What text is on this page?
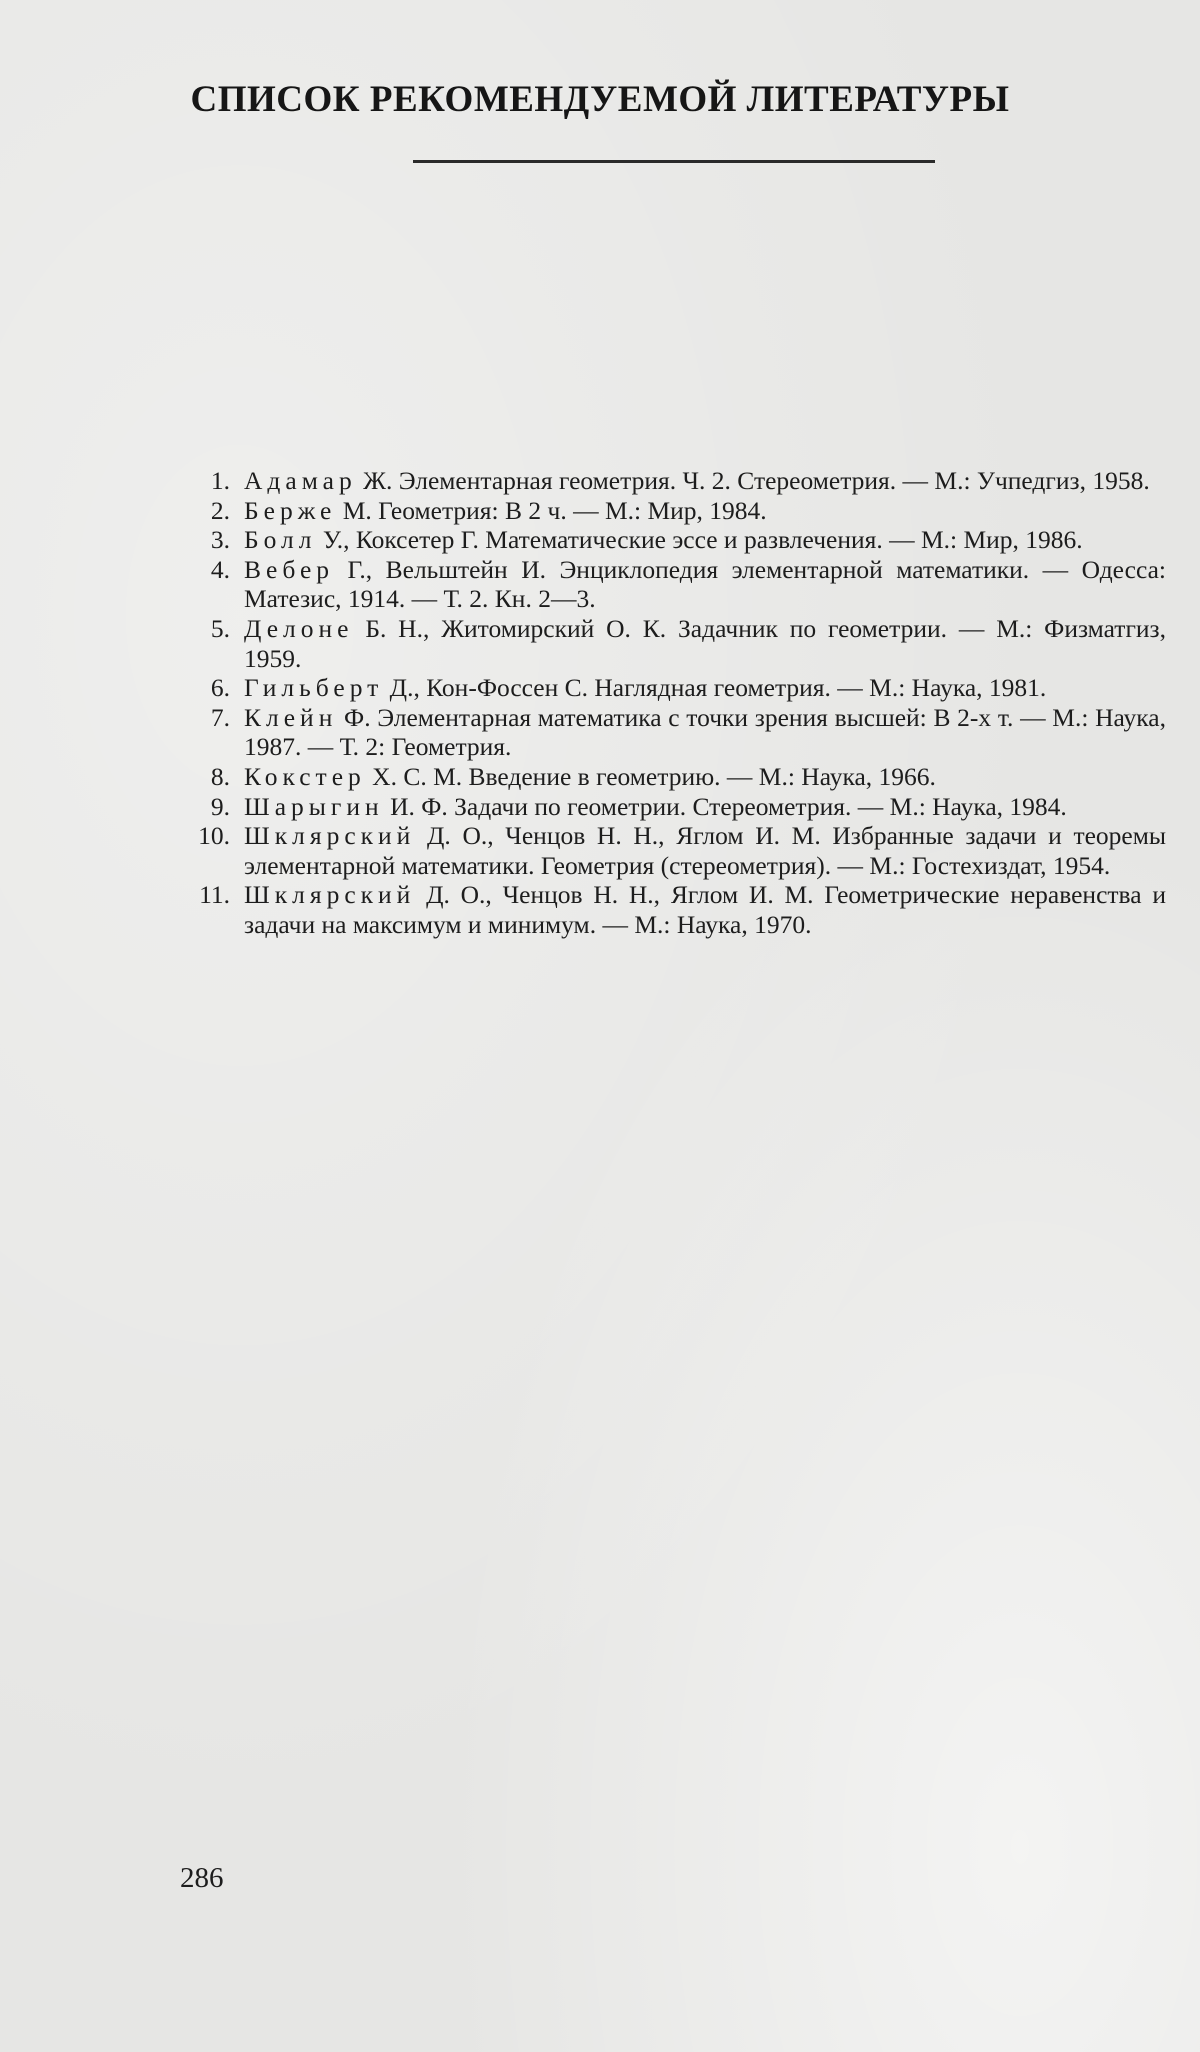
СПИСОК РЕКОМЕНДУЕМОЙ ЛИТЕРАТУРЫ
1. Адамар Ж. Элементарная геометрия. Ч. 2. Стереометрия. — М.: Учпедгиз, 1958.
2. Берже М. Геометрия: В 2 ч. — М.: Мир, 1984.
3. Болл У., Коксетер Г. Математические эссе и развлечения. — М.: Мир, 1986.
4. Вебер Г., Вельштейн И. Энциклопедия элементарной математики. — Одесса: Матезис, 1914. — Т. 2. Кн. 2—3.
5. Делоне Б. Н., Житомирский О. К. Задачник по геометрии. — М.: Физматгиз, 1959.
6. Гильберт Д., Кон-Фоссен С. Наглядная геометрия. — М.: Наука, 1981.
7. Клейн Ф. Элементарная математика с точки зрения высшей: В 2-х т. — М.: Наука, 1987. — Т. 2: Геометрия.
8. Кокстер Х. С. М. Введение в геометрию. — М.: Наука, 1966.
9. Шарыгин И. Ф. Задачи по геометрии. Стереометрия. — М.: Наука, 1984.
10. Шклярский Д. О., Ченцов Н. Н., Яглом И. М. Избранные задачи и теоремы элементарной математики. Геометрия (стереометрия). — М.: Гостехиздат, 1954.
11. Шклярский Д. О., Ченцов Н. Н., Яглом И. М. Геометрические неравенства и задачи на максимум и минимум. — М.: Наука, 1970.
286
